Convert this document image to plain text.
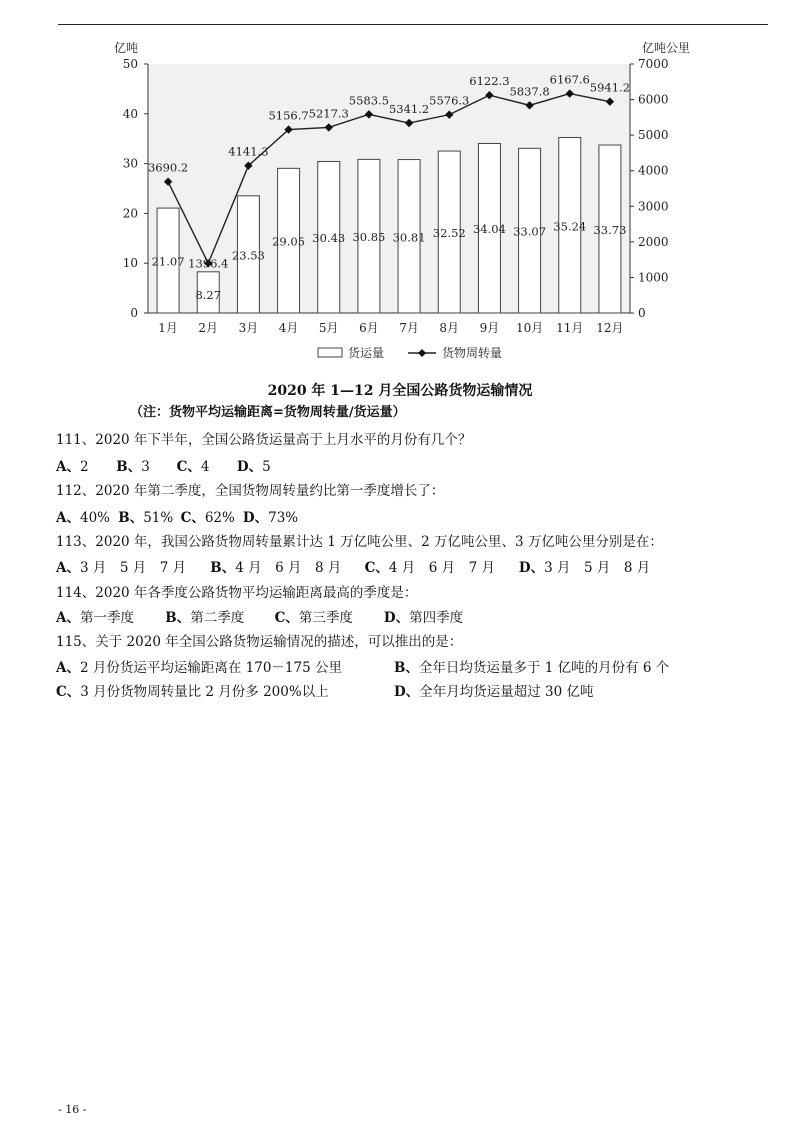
0
10
20
30
40
50
0
1000
2000
3000
4000
5000
6000
7000
亿吨	亿吨公里
1月 2月 3月 4月 5月 6月 7月 8月 9月 10月 11月 12月
21.07
8.27
23.53
29.05 30.43 30.85 30.81 32.52 34.04 33.07 35.24 33.73
3690.2
1396.4
4141.3
5156.7 5217.3
5583.5
5341.2
5576.3
6122.3
5837.8
6167.6
5941.2
货运量	货物周转量
2020 年 1—12 月全国公路货物运输情况
（注：货物平均运输距离=货物周转量/货运量）
111、2020 年下半年，全国公路货运量高于上月水平的月份有几个？
A、2 B、3 C、4 D、5
112、2020 年第二季度，全国货物周转量约比第一季度增长了：
A、40% B、51% C、62% D、73%
113、2020 年，我国公路货物周转量累计达 1 万亿吨公里、2 万亿吨公里、3 万亿吨公里分别是在：
A、3 月　5 月　7 月 B、4 月　6 月　8 月 C、4 月　6 月　7 月 D、3 月　5 月　8 月
114、2020 年各季度公路货物平均运输距离最高的季度是：
A、第一季度 B、第二季度 C、第三季度 D、第四季度
115、关于 2020 年全国公路货物运输情况的描述，可以推出的是：
A、2 月份货运平均运输距离在 170－175 公里	B、全年日均货运量多于 1 亿吨的月份有 6 个
C、3 月份货物周转量比 2 月份多 200%以上	D、全年月均货运量超过 30 亿吨
- 16 -
